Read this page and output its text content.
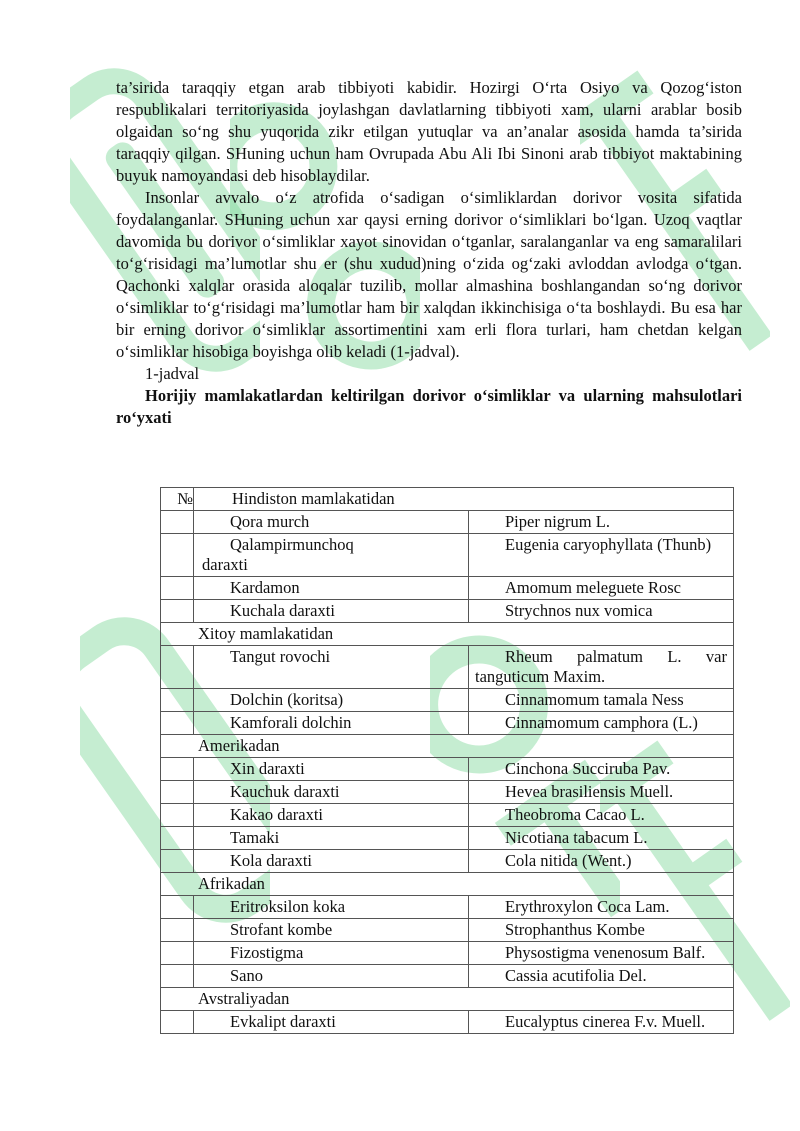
ta’sirida taraqqiy etgan arab tibbiyoti kabidir. Hozirgi O‘rta Osiyo va Qozog‘iston respublikalari territoriyasida joylashgan davlatlarning tibbiyoti xam, ularni arablar bosib olgaidan so‘ng shu yuqorida zikr etilgan yutuqlar va an’analar asosida hamda ta’sirida taraqqiy qilgan. SHuning uchun ham Ovrupada Abu Ali Ibi Sinoni arab tibbiyot maktabining buyuk namoyandasi deb hisoblaydilar.

Insonlar avvalo o‘z atrofida o‘sadigan o‘simliklardan dorivor vosita sifatida foydalanganlar. SHuning uchun xar qaysi erning dorivor o‘simliklari bo‘lgan. Uzoq vaqtlar davomida bu dorivor o‘simliklar xayot sinovidan o‘tganlar, saralanganlar va eng samaralilari to‘g‘risidagi ma’lumotlar shu er (shu xudud)ning o‘zida og‘zaki avloddan avlodga o‘tgan. Qachonki xalqlar orasida aloqalar tuzilib, mollar almashina boshlangandan so‘ng dorivor o‘simliklar to‘g‘risidagi ma’lumotlar ham bir xalqdan ikkinchisiga o‘ta boshlaydi. Bu esa har bir erning dorivor o‘simliklar assortimentini xam erli flora turlari, ham chetdan kelgan o‘simliklar hisobiga boyishga olib keladi (1-jadval).

1-jadval

Horijiy mamlakatlardan keltirilgan dorivor o‘simliklar va ularning mahsulotlari ro‘yxati

№	Hindiston mamlakatidan	
	Qora murch	Piper nigrum L.

	Qalampirmunchoq
daraxti	Eugenia caryophyllata (Thunb)
	Kardamon	Amomum meleguete Rosc
	Kuchala daraxti	Strychnos nux vomica
Xitoy mamlakatidan		
	Tangut rovochi	Rheum palmatum L. var
tanguticum Maxim.
	Dolchin (koritsa)	Cinnamomum tamala Ness
	Kamforali dolchin	Cinnamomum camphora (L.)
Amerikadan		
	Xin daraxti	Cinchona Succiruba Pav.
	Kauchuk daraxti	Hevea brasiliensis Muell.
	Kakao daraxti	Theobroma Cacao L.
	Tamaki	Nicotiana tabacum L.
	Kola daraxti	Cola nitida (Went.)
Afrikadan		
	Eritroksilon koka	Erythroxylon Coca Lam.
	Strofant kombe	Strophanthus Kombe
	Fizostigma	Physostigma venenosum Balf.
	Sano	Cassia acutifolia Del.
Avstraliyadan		
	Evkalipt daraxti	Eucalyptus cinerea F.v. Muell.
